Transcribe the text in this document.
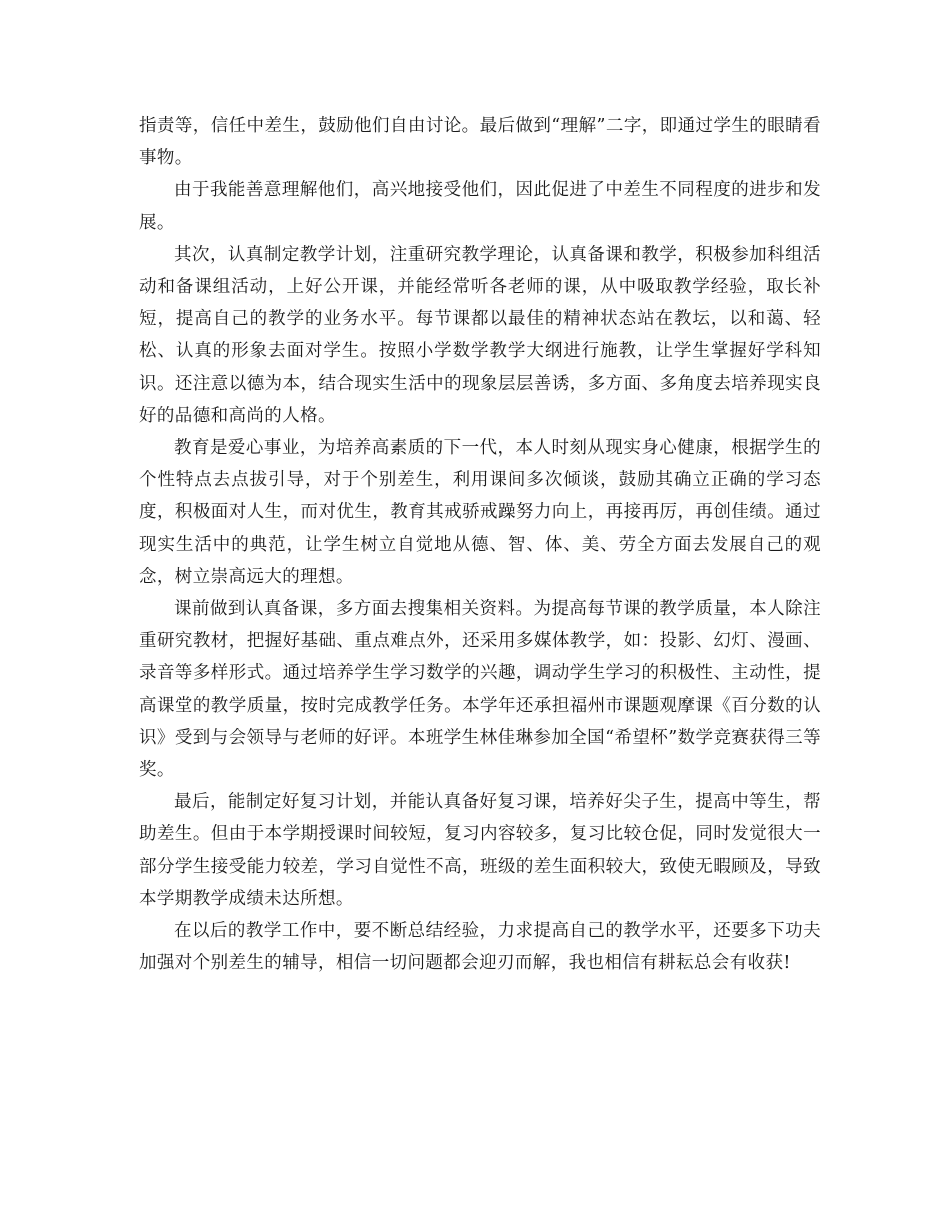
指责等，信任中差生，鼓励他们自由讨论。最后做到“理解”二字，即通过学生的眼睛看事物。

由于我能善意理解他们，高兴地接受他们，因此促进了中差生不同程度的进步和发展。

其次，认真制定教学计划，注重研究教学理论，认真备课和教学，积极参加科组活动和备课组活动，上好公开课，并能经常听各老师的课，从中吸取教学经验，取长补短，提高自己的教学的业务水平。每节课都以最佳的精神状态站在教坛，以和蔼、轻松、认真的形象去面对学生。按照小学数学教学大纲进行施教，让学生掌握好学科知识。还注意以德为本，结合现实生活中的现象层层善诱，多方面、多角度去培养现实良好的品德和高尚的人格。

教育是爱心事业，为培养高素质的下一代，本人时刻从现实身心健康，根据学生的个性特点去点拔引导，对于个别差生，利用课间多次倾谈，鼓励其确立正确的学习态度，积极面对人生，而对优生，教育其戒骄戒躁努力向上，再接再厉，再创佳绩。通过现实生活中的典范，让学生树立自觉地从德、智、体、美、劳全方面去发展自己的观念，树立崇高远大的理想。

课前做到认真备课，多方面去搜集相关资料。为提高每节课的教学质量，本人除注重研究教材，把握好基础、重点难点外，还采用多媒体教学，如：投影、幻灯、漫画、录音等多样形式。通过培养学生学习数学的兴趣，调动学生学习的积极性、主动性，提高课堂的教学质量，按时完成教学任务。本学年还承担福州市课题观摩课《百分数的认识》受到与会领导与老师的好评。本班学生林佳琳参加全国“希望杯”数学竞赛获得三等奖。

最后，能制定好复习计划，并能认真备好复习课，培养好尖子生，提高中等生，帮助差生。但由于本学期授课时间较短，复习内容较多，复习比较仓促，同时发觉很大一部分学生接受能力较差，学习自觉性不高，班级的差生面积较大，致使无暇顾及，导致本学期教学成绩未达所想。

在以后的教学工作中，要不断总结经验，力求提高自己的教学水平，还要多下功夫加强对个别差生的辅导，相信一切问题都会迎刃而解，我也相信有耕耘总会有收获!
